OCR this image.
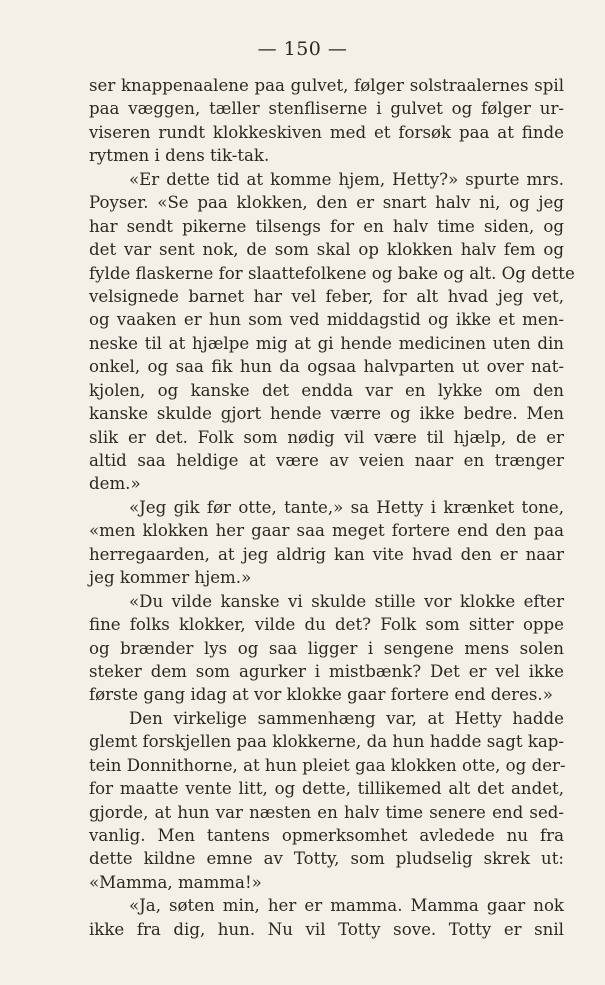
— 150 —
ser knappenaalene paa gulvet, følger solstraalernes spil
paa væggen, tæller stenfliserne i gulvet og følger ur-
viseren rundt klokkeskiven med et forsøk paa at finde
rytmen i dens tik-tak.
«Er dette tid at komme hjem, Hetty?» spurte mrs.
Poyser. «Se paa klokken, den er snart halv ni, og jeg
har sendt pikerne tilsengs for en halv time siden, og
det var sent nok, de som skal op klokken halv fem og
fylde flaskerne for slaattefolkene og bake og alt. Og dette
velsignede barnet har vel feber, for alt hvad jeg vet,
og vaaken er hun som ved middagstid og ikke et men-
neske til at hjælpe mig at gi hende medicinen uten din
onkel, og saa fik hun da ogsaa halvparten ut over nat-
kjolen, og kanske det endda var en lykke om den
kanske skulde gjort hende værre og ikke bedre. Men
slik er det. Folk som nødig vil være til hjælp, de er
altid saa heldige at være av veien naar en trænger
dem.»
«Jeg gik før otte, tante,» sa Hetty i krænket tone,
«men klokken her gaar saa meget fortere end den paa
herregaarden, at jeg aldrig kan vite hvad den er naar
jeg kommer hjem.»
«Du vilde kanske vi skulde stille vor klokke efter
fine folks klokker, vilde du det? Folk som sitter oppe
og brænder lys og saa ligger i sengene mens solen
steker dem som agurker i mistbænk? Det er vel ikke
første gang idag at vor klokke gaar fortere end deres.»
Den virkelige sammenhæng var, at Hetty hadde
glemt forskjellen paa klokkerne, da hun hadde sagt kap-
tein Donnithorne, at hun pleiet gaa klokken otte, og der-
for maatte vente litt, og dette, tillikemed alt det andet,
gjorde, at hun var næsten en halv time senere end sed-
vanlig. Men tantens opmerksomhet avledede nu fra
dette kildne emne av Totty, som pludselig skrek ut:
«Mamma, mamma!»
«Ja, søten min, her er mamma. Mamma gaar nok
ikke fra dig, hun. Nu vil Totty sove. Totty er snil
